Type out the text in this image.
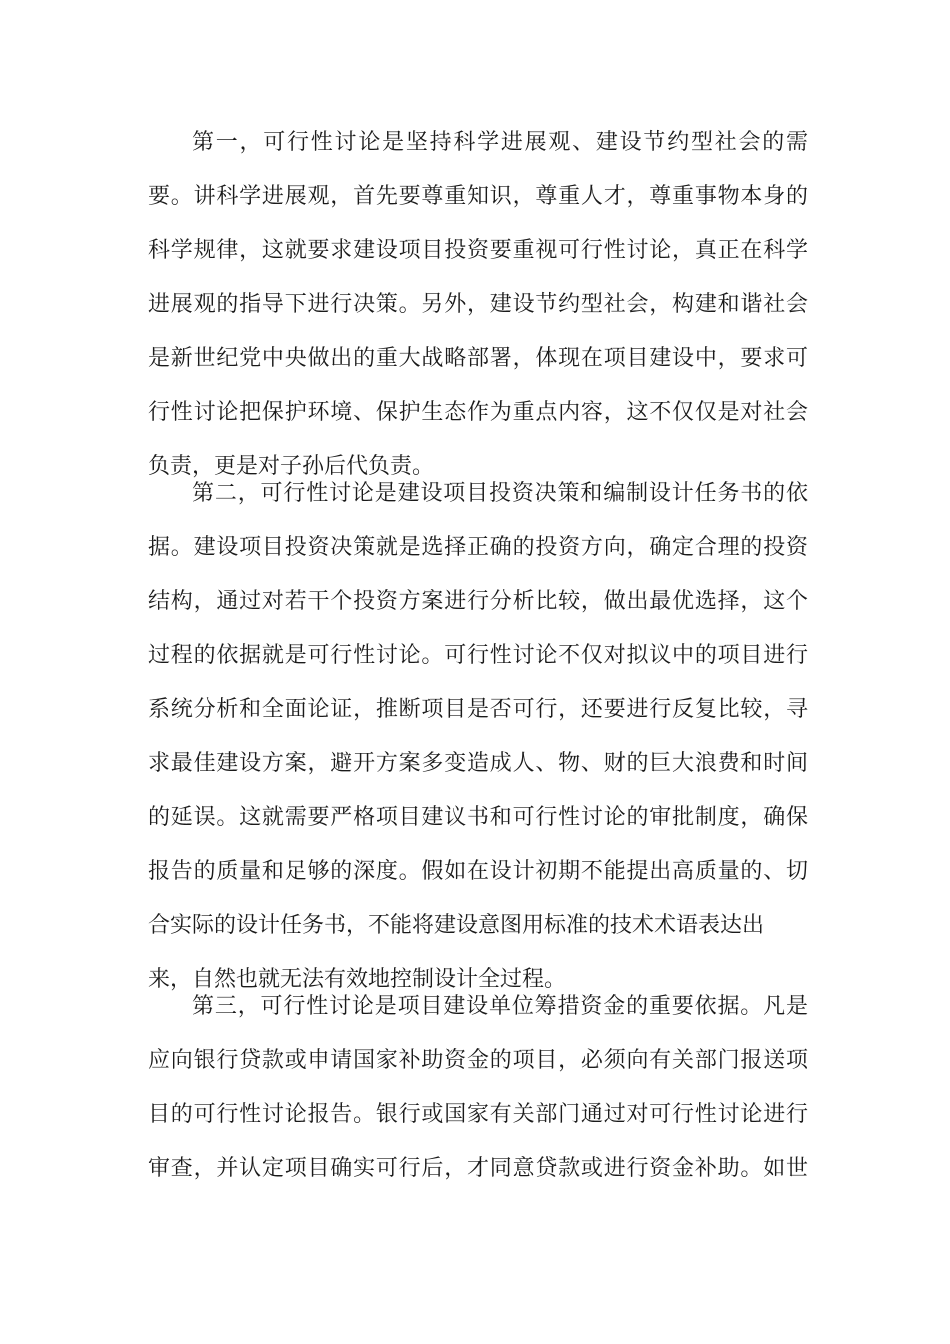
第一，可行性讨论是坚持科学进展观、建设节约型社会的需
要。讲科学进展观，首先要尊重知识，尊重人才，尊重事物本身的
科学规律，这就要求建设项目投资要重视可行性讨论，真正在科学
进展观的指导下进行决策。另外，建设节约型社会，构建和谐社会
是新世纪党中央做出的重大战略部署，体现在项目建设中，要求可
行性讨论把保护环境、保护生态作为重点内容，这不仅仅是对社会
负责，更是对子孙后代负责。
第二，可行性讨论是建设项目投资决策和编制设计任务书的依
据。建设项目投资决策就是选择正确的投资方向，确定合理的投资
结构，通过对若干个投资方案进行分析比较，做出最优选择，这个
过程的依据就是可行性讨论。可行性讨论不仅对拟议中的项目进行
系统分析和全面论证，推断项目是否可行，还要进行反复比较，寻
求最佳建设方案，避开方案多变造成人、物、财的巨大浪费和时间
的延误。这就需要严格项目建议书和可行性讨论的审批制度，确保
报告的质量和足够的深度。假如在设计初期不能提出高质量的、切
合实际的设计任务书，不能将建设意图用标准的技术术语表达出
来，自然也就无法有效地控制设计全过程。
第三，可行性讨论是项目建设单位筹措资金的重要依据。凡是
应向银行贷款或申请国家补助资金的项目，必须向有关部门报送项
目的可行性讨论报告。银行或国家有关部门通过对可行性讨论进行
审查，并认定项目确实可行后，才同意贷款或进行资金补助。如世
